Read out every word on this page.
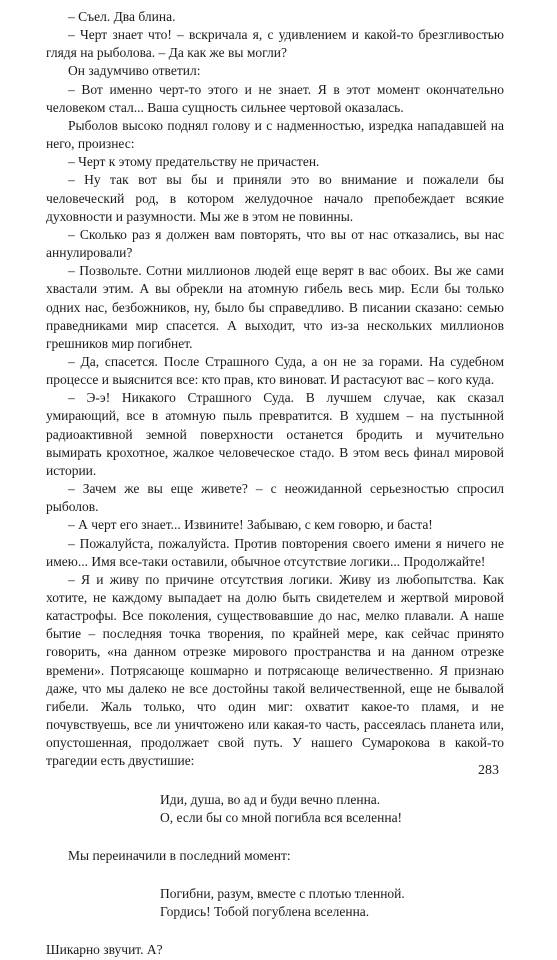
– Съел. Два блина.

– Черт знает что! – вскричала я, с удивлением и какой-то брезгливостью глядя на рыболова. – Да как же вы могли?

Он задумчиво ответил:

– Вот именно черт-то этого и не знает. Я в этот момент окончательно человеком стал... Ваша сущность сильнее чертовой оказалась.

Рыболов высоко поднял голову и с надменностью, изредка нападавшей на него, произнес:

– Черт к этому предательству не причастен.

– Ну так вот вы бы и приняли это во внимание и пожалели бы человеческий род, в котором желудочное начало препобеждает всякие духовности и разумности. Мы же в этом не повинны.

– Сколько раз я должен вам повторять, что вы от нас отказались, вы нас аннулировали?

– Позвольте. Сотни миллионов людей еще верят в вас обоих. Вы же сами хвастали этим. А вы обрекли на атомную гибель весь мир. Если бы только одних нас, безбожников, ну, было бы справедливо. В писании сказано: семью праведниками мир спасется. А выходит, что из-за нескольких миллионов грешников мир погибнет.

– Да, спасется. После Страшного Суда, а он не за горами. На судебном процессе и выяснится все: кто прав, кто виноват. И растасуют вас – кого куда.

– Э-э! Никакого Страшного Суда. В лучшем случае, как сказал умирающий, все в атомную пыль превратится. В худшем – на пустынной радиоактивной земной поверхности останется бродить и мучительно вымирать крохотное, жалкое человеческое стадо. В этом весь финал мировой истории.

– Зачем же вы еще живете? – с неожиданной серьезностью спросил рыболов.

– А черт его знает... Извините! Забываю, с кем говорю, и баста!

– Пожалуйста, пожалуйста. Против повторения своего имени я ничего не имею... Имя все-таки оставили, обычное отсутствие логики... Продолжайте!

– Я и живу по причине отсутствия логики. Живу из любопытства. Как хотите, не каждому выпадает на долю быть свидетелем и жертвой мировой катастрофы. Все поколения, существовавшие до нас, мелко плавали. А наше бытие – последняя точка творения, по крайней мере, как сейчас принято говорить, «на данном отрезке мирового пространства и на данном отрезке времени». Потрясающе кошмарно и потрясающе величественно. Я признаю даже, что мы далеко не все достойны такой величественной, еще не бывалой гибели. Жаль только, что один миг: охватит какое-то пламя, и не почувствуешь, все ли уничтожено или какая-то часть, рассеялась планета или, опустошенная, продолжает свой путь. У нашего Сумарокова в какой-то трагедии есть двустишие:

Иди, душа, во ад и буди вечно пленна.
О, если бы со мной погибла вся вселенна!

Мы переиначили в последний момент:

Погибни, разум, вместе с плотью тленной.
Гордись! Тобой погублена вселенна.

Шикарно звучит. А?

283
